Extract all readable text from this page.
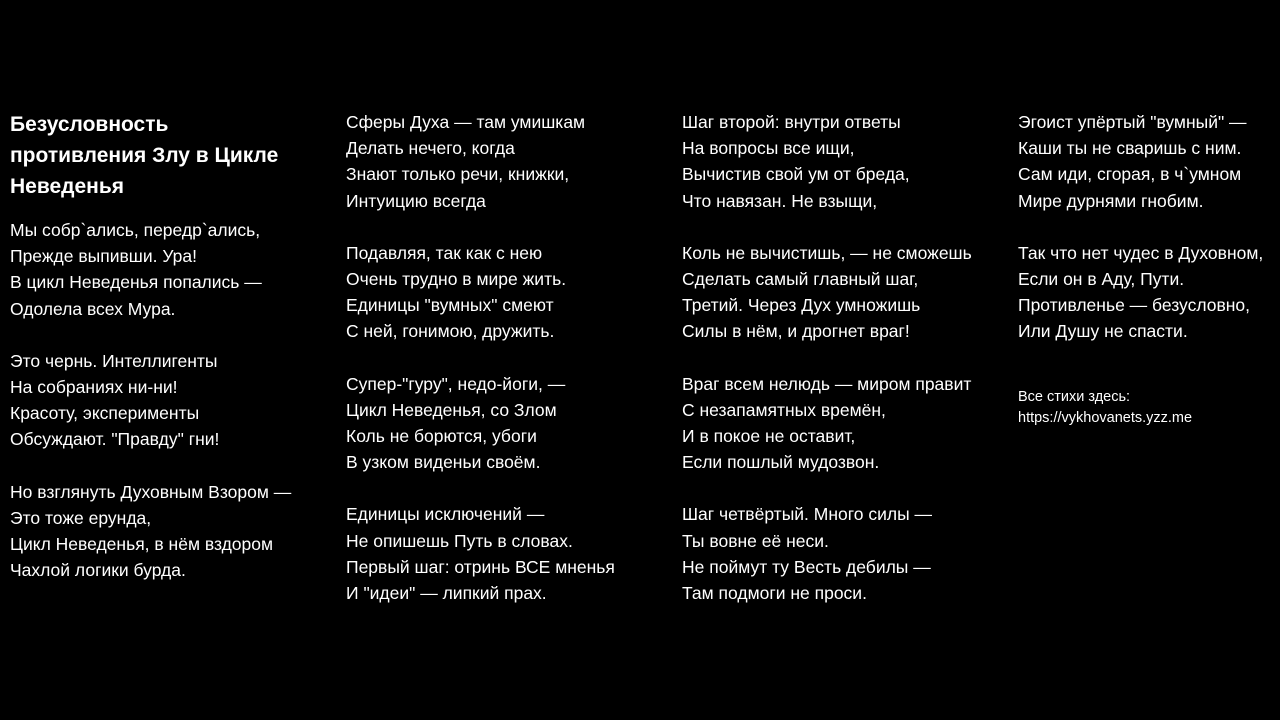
Безусловность
противления Злу в Цикле
Неведенья
Мы собр`ались, передр`ались,
Прежде выпивши. Ура!
В цикл Неведенья попались —
Одолела всех Мура.
Это чернь. Интеллигенты
На собраниях ни-ни!
Красоту, эксперименты
Обсуждают. "Правду" гни!
Но взглянуть Духовным Взором —
Это тоже ерунда,
Цикл Неведенья, в нём вздором
Чахлой логики бурда.
Сферы Духа — там умишкам
Делать нечего, когда
Знают только речи, книжки,
Интуицию всегда
Подавляя, так как с нею
Очень трудно в мире жить.
Единицы "вумных" смеют
С ней, гонимою, дружить.
Супер-"гуру", недо-йоги, —
Цикл Неведенья, со Злом
Коль не борются, убоги
В узком виденьи своём.
Единицы исключений —
Не опишешь Путь в словах.
Первый шаг: отринь ВСЕ мненья
И "идеи" — липкий прах.
Шаг второй: внутри ответы
На вопросы все ищи,
Вычистив свой ум от бреда,
Что навязан. Не взыщи,
Коль не вычистишь, — не сможешь
Сделать самый главный шаг,
Третий. Через Дух умножишь
Силы в нём, и дрогнет враг!
Враг всем нелюдь — миром правит
С незапамятных времён,
И в покое не оставит,
Если пошлый мудозвон.
Шаг четвёртый. Много силы —
Ты вовне её неси.
Не поймут ту Весть дебилы —
Там подмоги не проси.
Эгоист упёртый "вумный" —
Каши ты не сваришь с ним.
Сам иди, сгорая, в ч`умном
Мире дурнями гнобим.
Так что нет чудес в Духовном,
Если он в Аду, Пути.
Противленье — безусловно,
Или Душу не спасти.
Все стихи здесь:
https://vykhovanets.yzz.me
